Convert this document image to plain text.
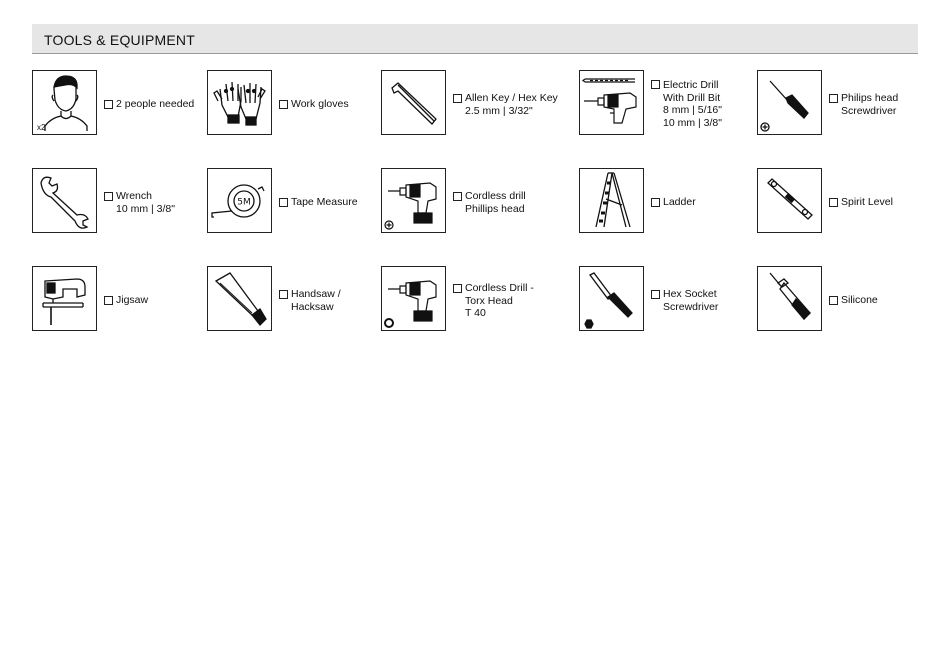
TOOLS & EQUIPMENT
x2
2 people needed	Work gloves	Allen Key / Hex Key
2.5 mm | 3/32"
Electric Drill
With Drill Bit
8 mm | 5/16"
10 mm | 3/8"
Philips head
Screwdriver
Wrench
10 mm | 3/8"	5M	Tape Measure	Cordless drill
Phillips head
Ladder	Spirit Level
Jigsaw	Handsaw /
Hacksaw
Cordless Drill -
Torx Head
T 40
Hex Socket
Screwdriver
Silicone
